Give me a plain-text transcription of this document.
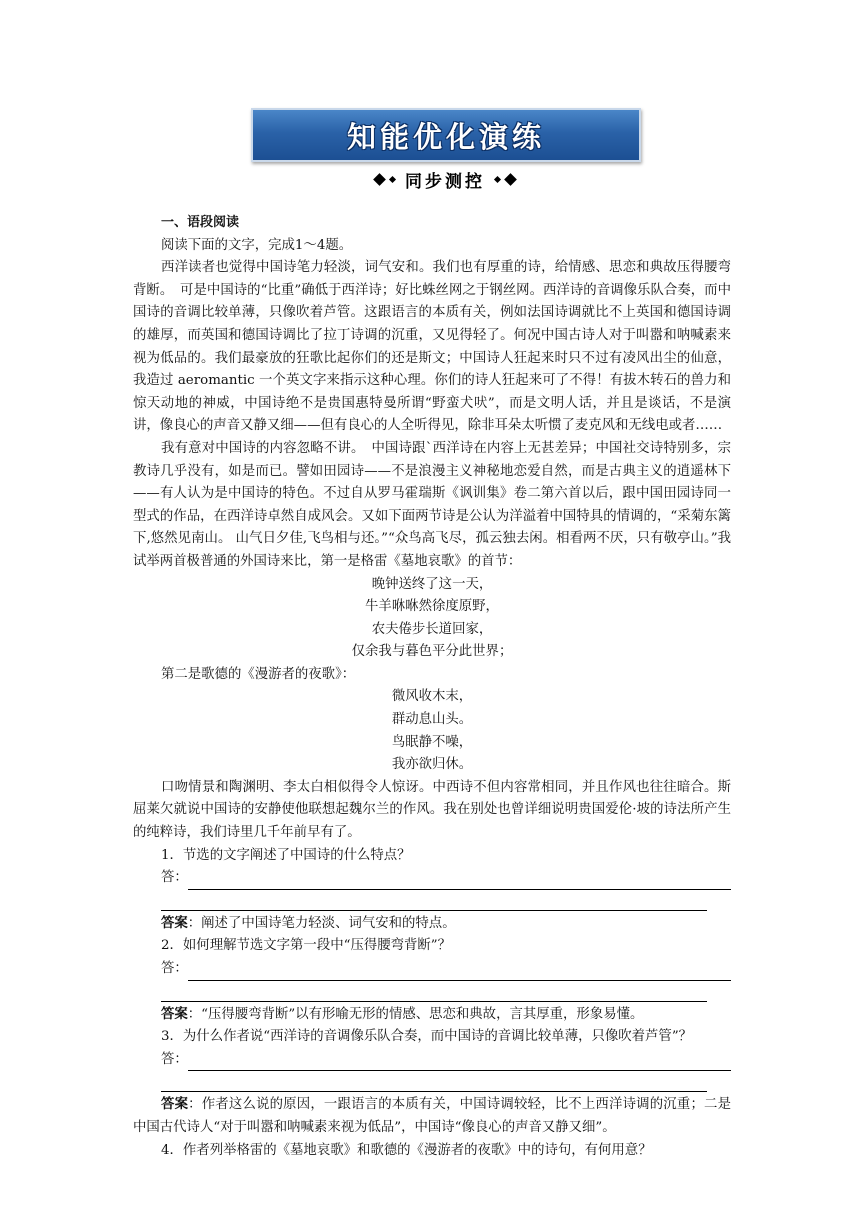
知能优化演练
同步测控

一、语段阅读

阅读下面的文字，完成1～4题。

西洋读者也觉得中国诗笔力轻淡，词气安和。我们也有厚重的诗，给情感、思恋和典故压得腰弯背断。　可是中国诗的“比重”确低于西洋诗；好比蛛丝网之于钢丝网。西洋诗的音调像乐队合奏，而中国诗的音调比较单薄，只像吹着芦管。这跟语言的本质有关，例如法国诗调就比不上英国和德国诗调的雄厚，而英国和德国诗调比了拉丁诗调的沉重，又见得轻了。何况中国古诗人对于叫嚣和呐喊素来视为低品的。我们最豪放的狂歌比起你们的还是斯文；中国诗人狂起来时只不过有凌风出尘的仙意，我造过 aeromantic 一个英文字来指示这种心理。你们的诗人狂起来可了不得！有拔木转石的兽力和惊天动地的神威，中国诗绝不是贵国惠特曼所谓“野蛮犬吠”，而是文明人话，并且是谈话，不是演讲，像良心的声音又静又细——但有良心的人全听得见，除非耳朵太听惯了麦克风和无线电或者……

我有意对中国诗的内容忽略不讲。　中国诗跟`西洋诗在内容上无甚差异；中国社交诗特别多，宗教诗几乎没有，如是而已。譬如田园诗——不是浪漫主义神秘地恋爱自然，而是古典主义的逍遥林下——有人认为是中国诗的特色。不过自从罗马霍瑞斯《讽训集》卷二第六首以后，跟中国田园诗同一型式的作品，在西洋诗卓然自成风会。又如下面两节诗是公认为洋溢着中国特具的情调的，“采菊东篱下,悠然见南山。 山气日夕佳,飞鸟相与还。”“众鸟高飞尽，孤云独去闲。相看两不厌，只有敬亭山。”我试举两首极普通的外国诗来比，第一是格雷《墓地哀歌》的首节：

晚钟送终了这一天，
牛羊咻咻然徐度原野，
农夫倦步长道回家，
仅余我与暮色平分此世界；

第二是歌德的《漫游者的夜歌》：

微风收木末，
群动息山头。
鸟眠静不噪，
我亦欲归休。

口吻情景和陶渊明、李太白相似得令人惊讶。中西诗不但内容常相同，并且作风也往往暗合。斯屈莱欠就说中国诗的安静使他联想起魏尔兰的作风。我在别处也曾详细说明贵国爱伦·坡的诗法所产生的纯粹诗，我们诗里几千年前早有了。

1．节选的文字阐述了中国诗的什么特点？

答：

答案：阐述了中国诗笔力轻淡、词气安和的特点。

2．如何理解节选文字第一段中“压得腰弯背断”？

答：

答案：“压得腰弯背断”以有形喻无形的情感、思恋和典故，言其厚重，形象易懂。

3．为什么作者说“西洋诗的音调像乐队合奏，而中国诗的音调比较单薄，只像吹着芦管”？

答：

答案：作者这么说的原因，一跟语言的本质有关，中国诗调较轻，比不上西洋诗调的沉重；二是中国古代诗人“对于叫嚣和呐喊素来视为低品”，中国诗“像良心的声音又静又细”。

4．作者列举格雷的《墓地哀歌》和歌德的《漫游者的夜歌》中的诗句，有何用意？
